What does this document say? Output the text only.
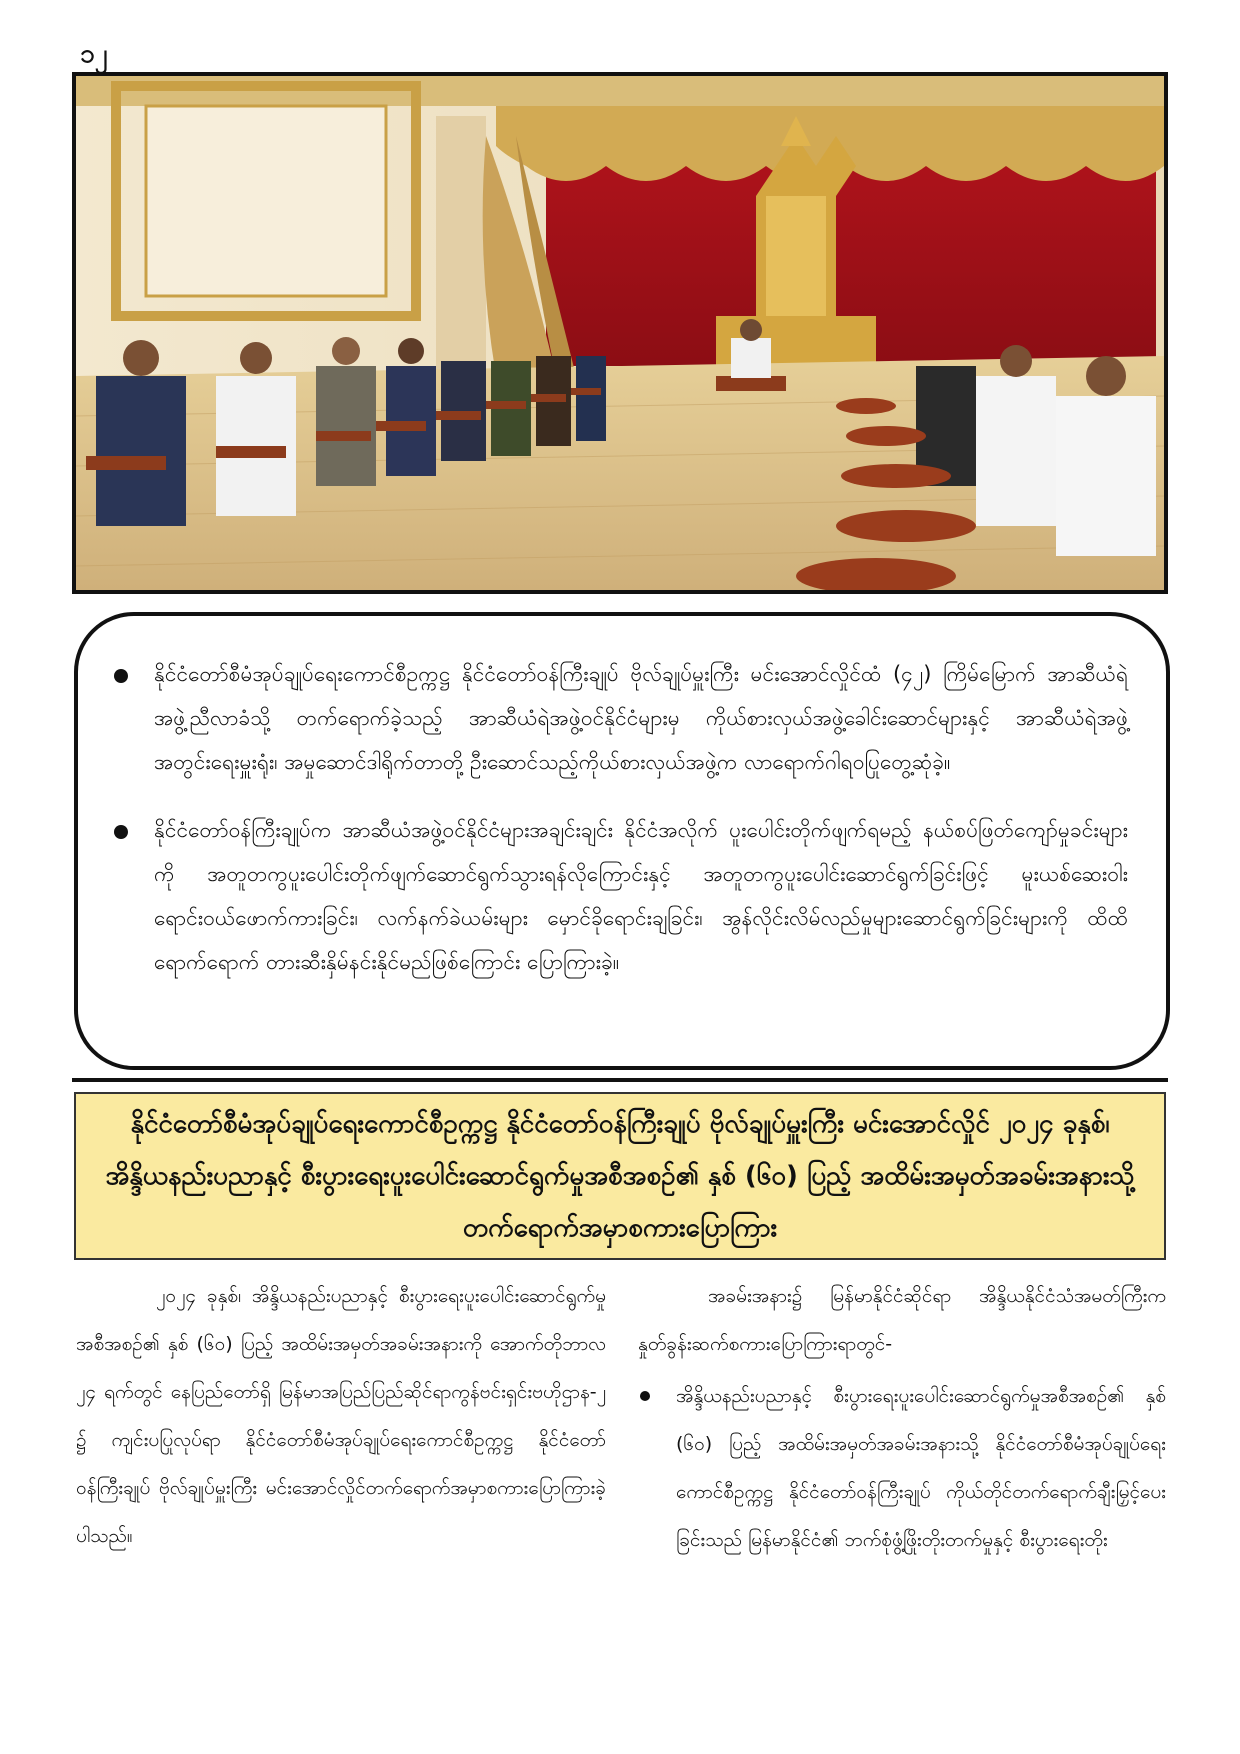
၁၂
နိုင်ငံတော်စီမံအုပ်ချုပ်ရေးကောင်စီဥက္ကဋ္ဌ နိုင်ငံတော်ဝန်ကြီးချုပ် ဗိုလ်ချုပ်မှူးကြီး မင်းအောင်လှိုင်ထံ (၄၂) ကြိမ်မြောက် အာဆီယံရဲအဖွဲ့ညီလာခံသို့ တက်ရောက်ခဲ့သည့် အာဆီယံရဲအဖွဲ့ဝင်နိုင်ငံများမှ ကိုယ်စားလှယ်အဖွဲ့ခေါင်းဆောင်များနှင့် အာဆီယံရဲအဖွဲ့အတွင်းရေးမှူးရုံး၊ အမှုဆောင်ဒါရိုက်တာတို့ ဦးဆောင်သည့်ကိုယ်စားလှယ်အဖွဲ့က လာရောက်ဂါရဝပြုတွေ့ဆုံခဲ့။
နိုင်ငံတော်ဝန်ကြီးချုပ်က အာဆီယံအဖွဲ့ဝင်နိုင်ငံများအချင်းချင်း နိုင်ငံအလိုက် ပူးပေါင်းတိုက်ဖျက်ရမည့် နယ်စပ်ဖြတ်ကျော်မှုခင်းများကို အတူတကွပူးပေါင်းတိုက်ဖျက်ဆောင်ရွက်သွားရန်လိုကြောင်းနှင့် အတူတကွပူးပေါင်းဆောင်ရွက်ခြင်းဖြင့် မူးယစ်ဆေးဝါးရောင်းဝယ်ဖောက်ကားခြင်း၊ လက်နက်ခဲယမ်းများ မှောင်ခိုရောင်းချခြင်း၊ အွန်လိုင်းလိမ်လည်မှုများဆောင်ရွက်ခြင်းများကို ထိထိရောက်ရောက် တားဆီးနှိမ်နင်းနိုင်မည်ဖြစ်ကြောင်း ပြောကြားခဲ့။

နိုင်ငံတော်စီမံအုပ်ချုပ်ရေးကောင်စီဥက္ကဋ္ဌ နိုင်ငံတော်ဝန်ကြီးချုပ် ဗိုလ်ချုပ်မှူးကြီး မင်းအောင်လှိုင် ၂၀၂၄ ခုနှစ်၊ အိန္ဒိယနည်းပညာနှင့် စီးပွားရေးပူးပေါင်းဆောင်ရွက်မှုအစီအစဉ်၏ နှစ် (၆၀) ပြည့် အထိမ်းအမှတ်အခမ်းအနားသို့ တက်ရောက်အမှာစကားပြောကြား

၂၀၂၄ ခုနှစ်၊ အိန္ဒိယနည်းပညာနှင့် စီးပွားရေးပူးပေါင်းဆောင်ရွက်မှုအစီအစဉ်၏ နှစ် (၆၀) ပြည့် အထိမ်းအမှတ်အခမ်းအနားကို အောက်တိုဘာလ ၂၄ ရက်တွင် နေပြည်တော်ရှိ မြန်မာအပြည်ပြည်ဆိုင်ရာကွန်ဗင်းရှင်းဗဟိုဌာန-၂ ၌ ကျင်းပပြုလုပ်ရာ နိုင်ငံတော်စီမံအုပ်ချုပ်ရေးကောင်စီဥက္ကဋ္ဌ နိုင်ငံတော်ဝန်ကြီးချုပ် ဗိုလ်ချုပ်မှူးကြီး မင်းအောင်လှိုင်တက်ရောက်အမှာစကားပြောကြားခဲ့ပါသည်။
အခမ်းအနား၌ မြန်မာနိုင်ငံဆိုင်ရာ အိန္ဒိယနိုင်ငံသံအမတ်ကြီးက နှုတ်ခွန်းဆက်စကားပြောကြားရာတွင်-
အိန္ဒိယနည်းပညာနှင့် စီးပွားရေးပူးပေါင်းဆောင်ရွက်မှုအစီအစဉ်၏ နှစ် (၆၀) ပြည့် အထိမ်းအမှတ်အခမ်းအနားသို့ နိုင်ငံတော်စီမံအုပ်ချုပ်ရေးကောင်စီဥက္ကဋ္ဌ နိုင်ငံတော်ဝန်ကြီးချုပ် ကိုယ်တိုင်တက်ရောက်ချီးမြှင့်ပေးခြင်းသည် မြန်မာနိုင်ငံ၏ ဘက်စုံဖွံ့ဖြိုးတိုးတက်မှုနှင့် စီးပွားရေးတိုး
